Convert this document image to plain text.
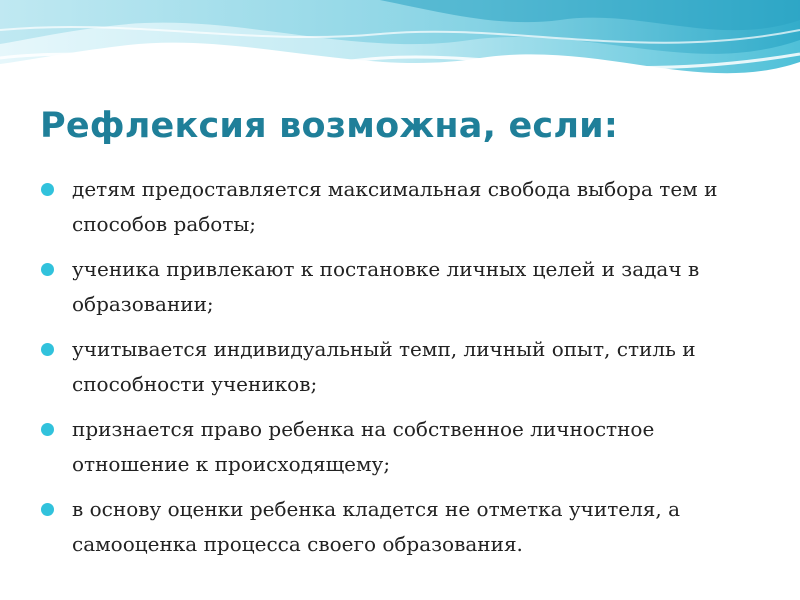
Рефлексия возможна, если:
детям предоставляется максимальная свобода выбора тем и способов работы;
ученика привлекают к постановке личных целей и задач в образовании;
учитывается индивидуальный темп, личный опыт, стиль и способности учеников;
признается право ребенка на собственное личностное отношение к происходящему;
в основу оценки ребенка кладется не отметка учителя, а самооценка процесса своего образования.
